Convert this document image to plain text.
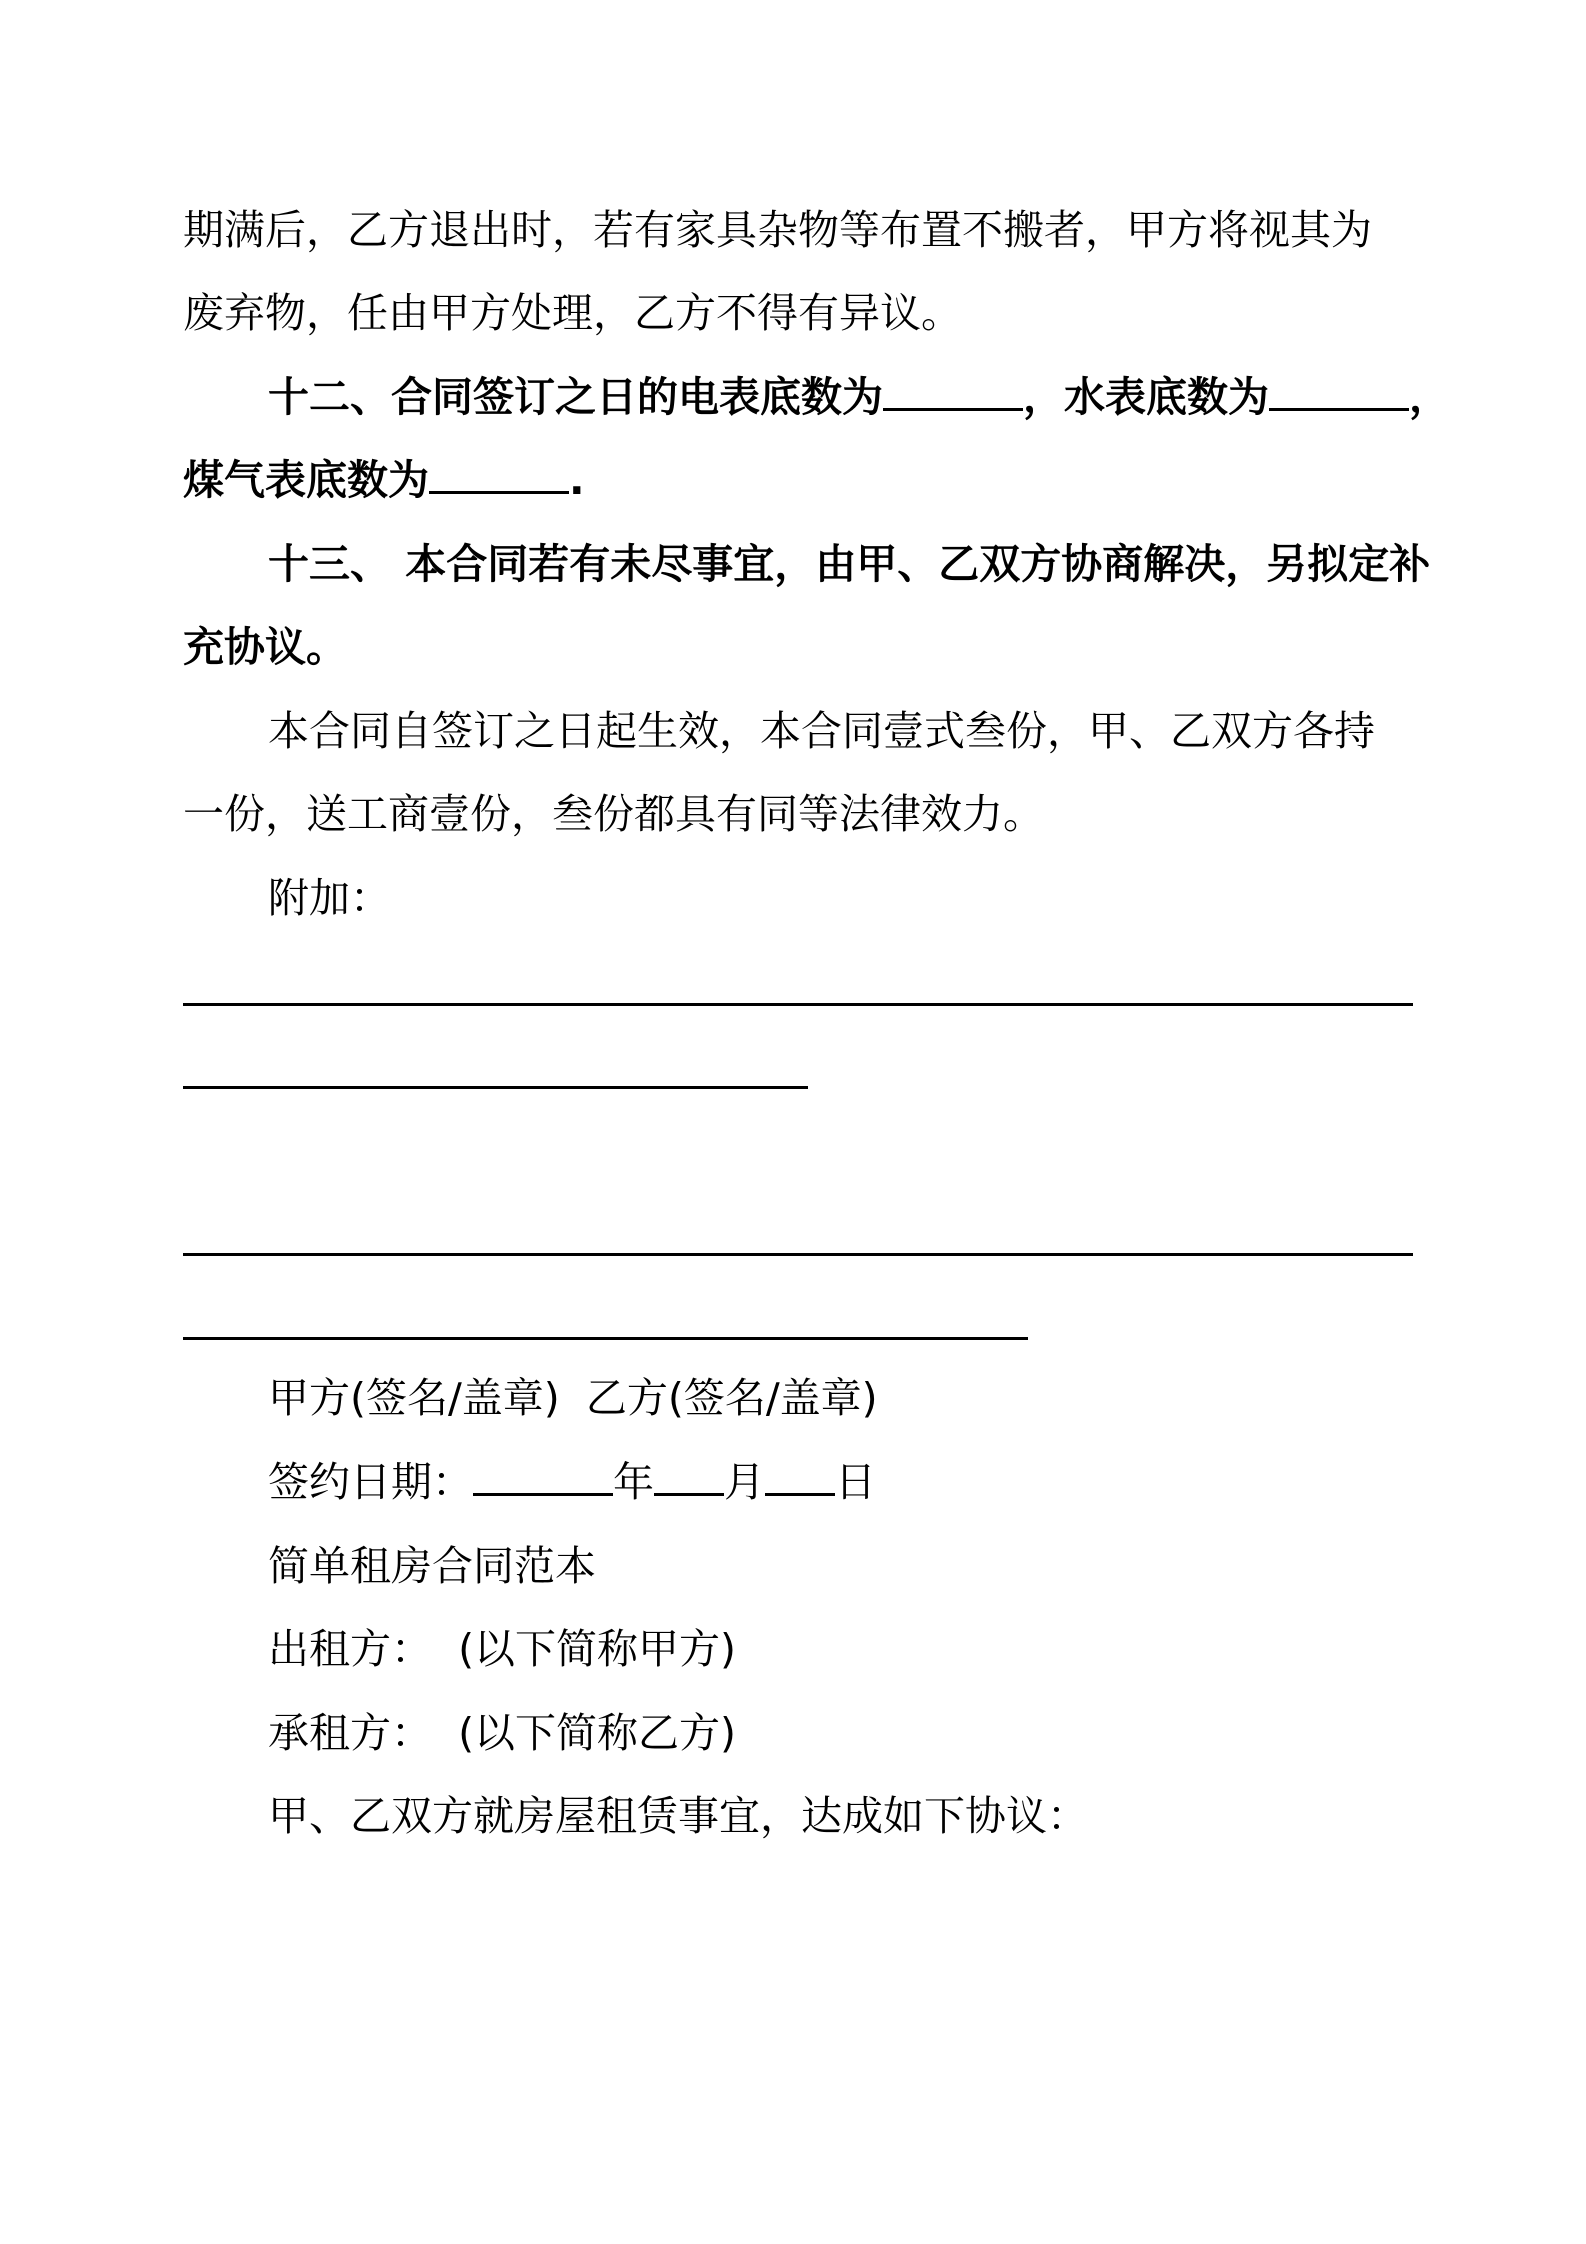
期满后，乙方退出时，若有家具杂物等布置不搬者，甲方将视其为

废弃物，任由甲方处理，乙方不得有异议。

十二、合同签订之日的电表底数为	，水表底数为	，

煤气表底数为	.

十三、 本合同若有未尽事宜，由甲、乙双方协商解决，另拟定补

充协议。

本合同自签订之日起生效，本合同壹式叁份，甲、乙双方各持

一份，送工商壹份，叁份都具有同等法律效力。

附加：

甲方(签名/盖章)  乙方(签名/盖章)

签约日期：	年 月 日

简单租房合同范本

出租方：  (以下简称甲方)

承租方：  (以下简称乙方)

甲、乙双方就房屋租赁事宜，达成如下协议：
